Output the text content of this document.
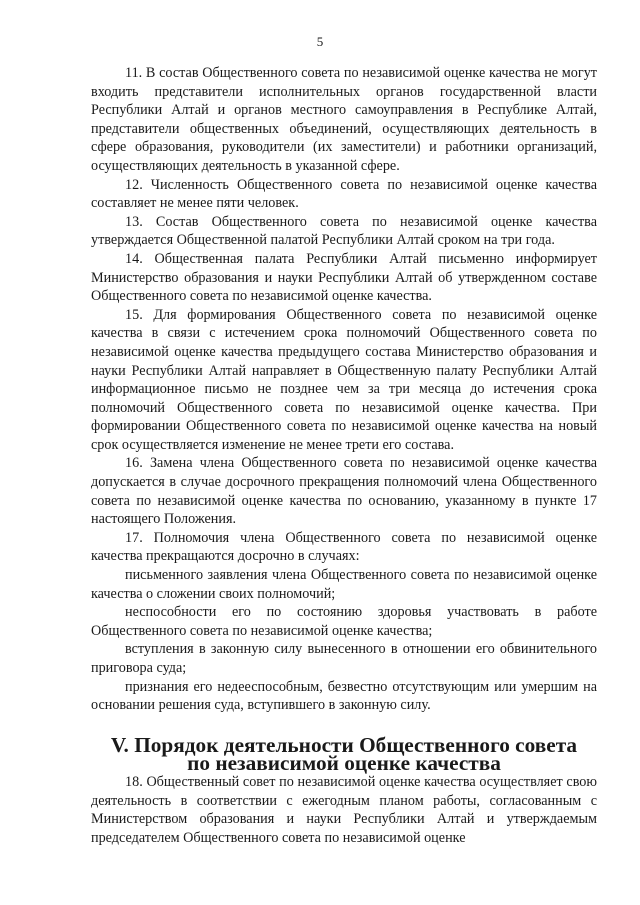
5

11. В состав Общественного совета по независимой оценке качества не могут входить представители исполнительных органов государственной власти Республики Алтай и органов местного самоуправления в Республике Алтай, представители общественных объединений, осуществляющих деятельность в сфере образования, руководители (их заместители) и работники организаций, осуществляющих деятельность в указанной сфере.

12. Численность Общественного совета по независимой оценке качества составляет не менее пяти человек.

13. Состав Общественного совета по независимой оценке качества утверждается Общественной палатой Республики Алтай сроком на три года.

14. Общественная палата Республики Алтай письменно информирует Министерство образования и науки Республики Алтай об утвержденном составе Общественного совета по независимой оценке качества.

15. Для формирования Общественного совета по независимой оценке качества в связи с истечением срока полномочий Общественного совета по независимой оценке качества предыдущего состава Министерство образования и науки Республики Алтай направляет в Общественную палату Республики Алтай информационное письмо не позднее чем за три месяца до истечения срока полномочий Общественного совета по независимой оценке качества. При формировании Общественного совета по независимой оценке качества на новый срок осуществляется изменение не менее трети его состава.

16. Замена члена Общественного совета по независимой оценке качества допускается в случае досрочного прекращения полномочий члена Общественного совета по независимой оценке качества по основанию, указанному в пункте 17 настоящего Положения.

17. Полномочия члена Общественного совета по независимой оценке качества прекращаются досрочно в случаях:

письменного заявления члена Общественного совета по независимой оценке качества о сложении своих полномочий;

неспособности его по состоянию здоровья участвовать в работе Общественного совета по независимой оценке качества;

вступления в законную силу вынесенного в отношении его обвинительного приговора суда;

признания его недееспособным, безвестно отсутствующим или умершим на основании решения суда, вступившего в законную силу.

V. Порядок деятельности Общественного совета
по независимой оценке качества

18. Общественный совет по независимой оценке качества осуществляет свою деятельность в соответствии с ежегодным планом работы, согласованным с Министерством образования и науки Республики Алтай и утверждаемым председателем Общественного совета по независимой оценке
